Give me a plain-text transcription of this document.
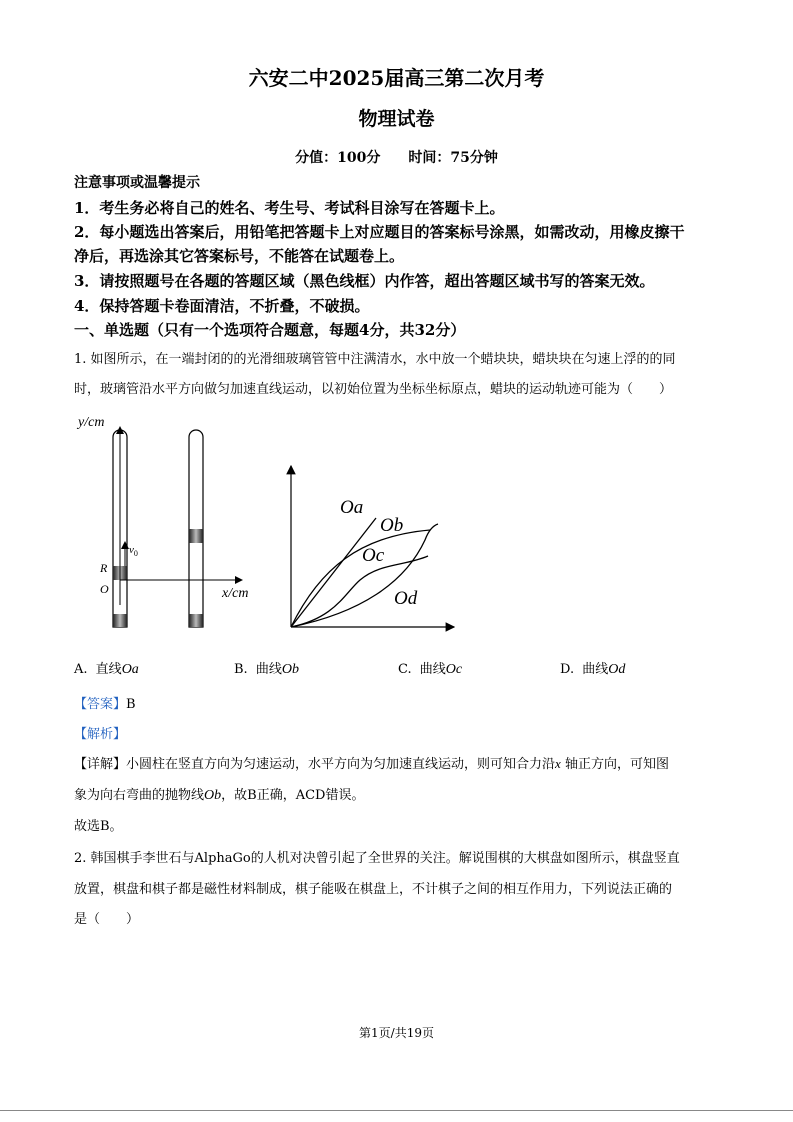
六安二中2025届高三第二次月考
物理试卷
分值：100分　　时间：75分钟
注意事项或温馨提示
1．考生务必将自己的姓名、考生号、考试科目涂写在答题卡上。
2．每小题选出答案后，用铅笔把答题卡上对应题目的答案标号涂黑，如需改动，用橡皮擦干
净后，再选涂其它答案标号，不能答在试题卷上。
3．请按照题号在各题的答题区域（黑色线框）内作答，超出答题区域书写的答案无效。
4．保持答题卡卷面清洁，不折叠，不破损。
一、单选题（只有一个选项符合题意，每题4分，共32分）
1. 如图所示，在一端封闭的的光滑细玻璃管管中注满清水，水中放一个蜡块块，蜡块块在匀速上浮的的同
时，玻璃管沿水平方向做匀加速直线运动，以初始位置为坐标坐标原点，蜡块的运动轨迹可能为（　　）
y/cm
x/cm
$v_0$
R
O
Oa
Ob
Oc
Od
A. 直线Oa	B. 曲线Ob	C. 曲线Oc	D. 曲线Od
【答案】B
【解析】
【详解】小圆柱在竖直方向为匀速运动，水平方向为匀加速直线运动，则可知合力沿x 轴正方向，可知图
象为向右弯曲的抛物线Ob，故B正确，ACD错误。
故选B。
2. 韩国棋手李世石与AlphaGo的人机对决曾引起了全世界的关注。解说围棋的大棋盘如图所示，棋盘竖直
放置，棋盘和棋子都是磁性材料制成，棋子能吸在棋盘上，不计棋子之间的相互作用力，下列说法正确的
是（　　）
第1页/共19页
